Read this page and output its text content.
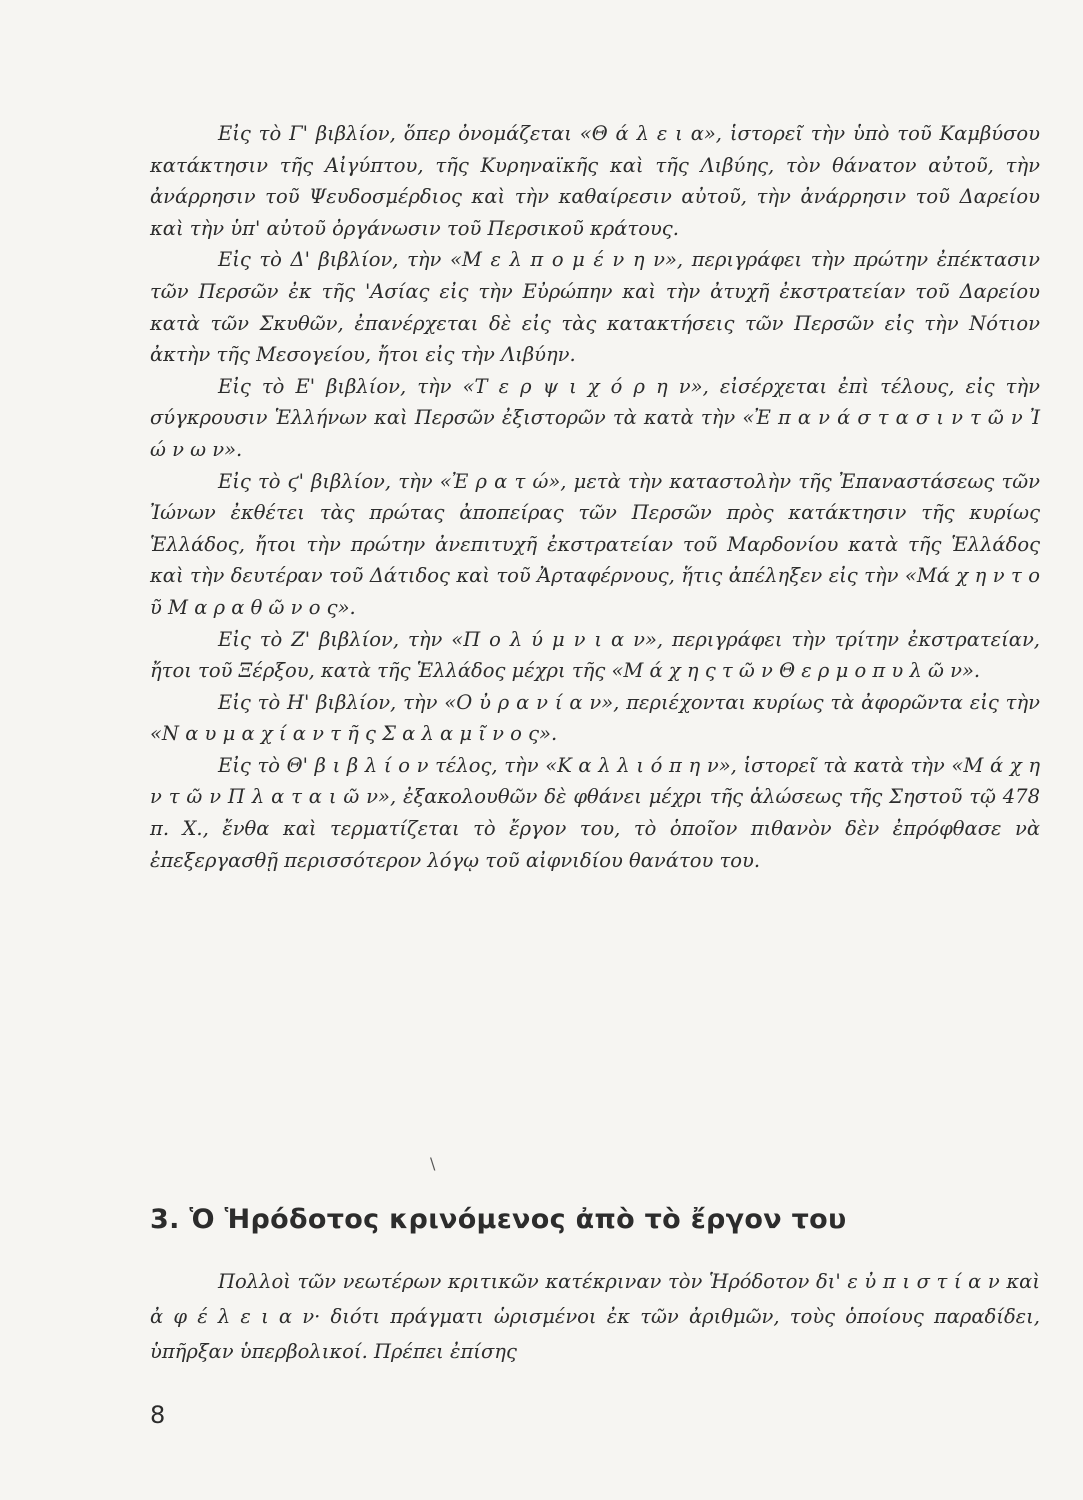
Εἰς τὸ Γ' βιβλίον, ὅπερ ὀνομάζεται «Θ ά λ ε ι α», ἱστορεῖ τὴν ὑπὸ τοῦ Καμβύσου κατάκτησιν τῆς Αἰγύπτου, τῆς Κυρηναϊκῆς καὶ τῆς Λιβύης, τὸν θάνατον αὐτοῦ, τὴν ἀνάρρησιν τοῦ Ψευδοσμέρδιος καὶ τὴν καθαίρεσιν αὐτοῦ, τὴν ἀνάρρησιν τοῦ Δαρείου καὶ τὴν ὑπ' αὐτοῦ ὀργάνωσιν τοῦ Περσικοῦ κράτους.

Εἰς τὸ Δ' βιβλίον, τὴν «Μ ε λ π ο μ έ ν η ν», περιγράφει τὴν πρώτην ἐπέκτασιν τῶν Περσῶν ἐκ τῆς 'Ασίας εἰς τὴν Εὐρώπην καὶ τὴν ἀτυχῆ ἐκστρατείαν τοῦ Δαρείου κατὰ τῶν Σκυθῶν, ἐπανέρχεται δὲ εἰς τὰς κατακτήσεις τῶν Περσῶν εἰς τὴν Νότιον ἀκτὴν τῆς Μεσογείου, ἤτοι εἰς τὴν Λιβύην.

Εἰς τὸ Ε' βιβλίον, τὴν «Τ ε ρ ψ ι χ ό ρ η ν», εἰσέρχεται ἐπὶ τέλους, εἰς τὴν σύγκρουσιν Ἑλλήνων καὶ Περσῶν ἐξιστορῶν τὰ κατὰ τὴν «Ἐ π α ν ά σ τ α σ ι ν τ ῶ ν Ἰ ώ ν ω ν».

Εἰς τὸ ϛ' βιβλίον, τὴν «Ἐ ρ α τ ώ», μετὰ τὴν καταστολὴν τῆς Ἐπαναστάσεως τῶν Ἰώνων ἐκθέτει τὰς πρώτας ἀποπείρας τῶν Περσῶν πρὸς κατάκτησιν τῆς κυρίως Ἑλλάδος, ἤτοι τὴν πρώτην ἀνεπιτυχῆ ἐκστρατείαν τοῦ Μαρδονίου κατὰ τῆς Ἑλλάδος καὶ τὴν δευτέραν τοῦ Δάτιδος καὶ τοῦ Ἀρταφέρνους, ἥτις ἀπέληξεν εἰς τὴν «Μά χ η ν τ ο ῦ Μ α ρ α θ ῶ ν ο ς».

Εἰς τὸ Ζ' βιβλίον, τὴν «Π ο λ ύ μ ν ι α ν», περιγράφει τὴν τρίτην ἐκστρατείαν, ἤτοι τοῦ Ξέρξου, κατὰ τῆς Ἑλλάδος μέχρι τῆς «Μ ά χ η ς τ ῶ ν Θ ε ρ μ ο π υ λ ῶ ν».

Εἰς τὸ Η' βιβλίον, τὴν «Ο ὐ ρ α ν ί α ν», περιέχονται κυρίως τὰ ἀφορῶντα εἰς τὴν «Ν α υ μ α χ ί α ν τ ῆ ς Σ α λ α μ ῖ ν ο ς».

Εἰς τὸ Θ' β ι β λ ί ο ν τέλος, τὴν «Κ α λ λ ι ό π η ν», ἱστορεῖ τὰ κατὰ τὴν «Μ ά χ η ν τ ῶ ν Π λ α τ α ι ῶ ν», ἐξακολουθῶν δὲ φθάνει μέχρι τῆς ἁλώσεως τῆς Σηστοῦ τῷ 478 π. Χ., ἔνθα καὶ τερματίζεται τὸ ἔργον του, τὸ ὁποῖον πιθανὸν δὲν ἐπρόφθασε νὰ ἐπεξεργασθῇ περισσότερον λόγῳ τοῦ αἰφνιδίου θανάτου του.

\
3. Ὁ Ἡρόδοτος κρινόμενος ἀπὸ τὸ ἔργον του

Πολλοὶ τῶν νεωτέρων κριτικῶν κατέκριναν τὸν Ἡρόδοτον δι' ε ὐ π ι σ τ ί α ν καὶ ἀ φ έ λ ε ι α ν· διότι πράγματι ὡρισμένοι ἐκ τῶν ἀριθμῶν, τοὺς ὁποίους παραδίδει, ὑπῆρξαν ὑπερβολικοί. Πρέπει ἐπίσης

8
